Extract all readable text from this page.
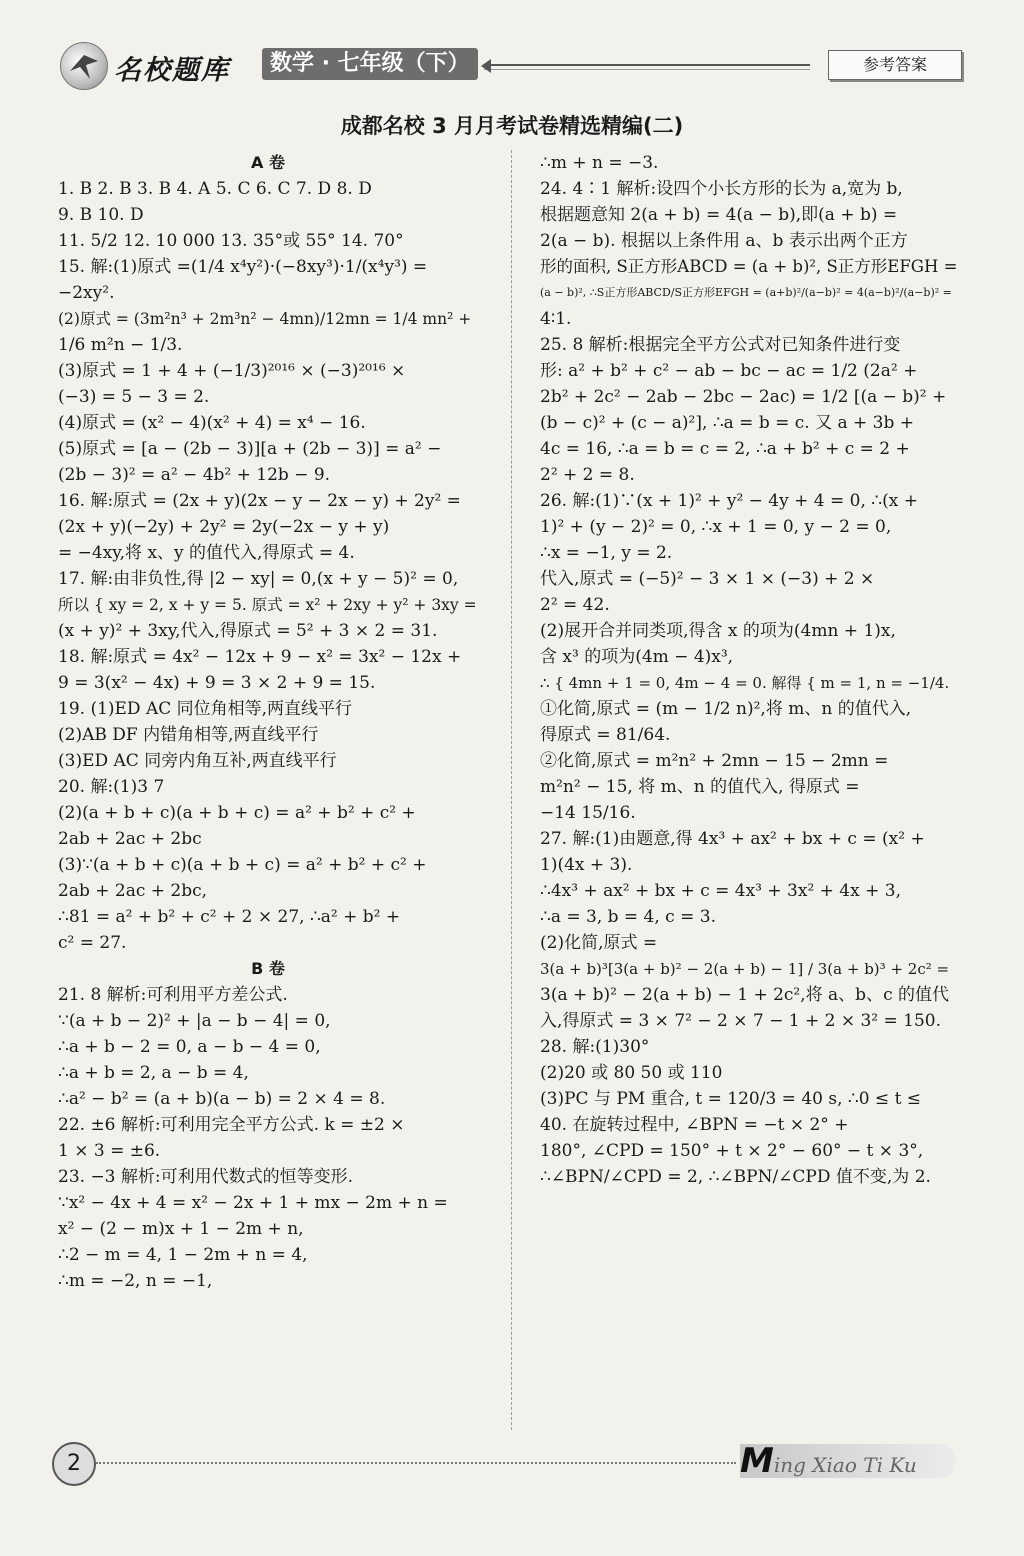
名校题库	数学 · 七年级（下）	参考答案
成都名校 3 月月考试卷精选精编(二)
A 卷
1. B 2. B 3. B 4. A 5. C 6. C 7. D 8. D
9. B 10. D
11. 5/2 12. 10 000 13. 35°或 55° 14. 70°
15. 解:(1)原式 =(1/4 x⁴y²)·(−8xy³)·1/(x⁴y³) =
−2xy².
(2)原式 = (3m²n³ + 2m³n² − 4mn)/12mn = 1/4 mn² +
1/6 m²n − 1/3.
(3)原式 = 1 + 4 + (−1/3)²⁰¹⁶ × (−3)²⁰¹⁶ ×
(−3) = 5 − 3 = 2.
(4)原式 = (x² − 4)(x² + 4) = x⁴ − 16.
(5)原式 = [a − (2b − 3)][a + (2b − 3)] = a² −
(2b − 3)² = a² − 4b² + 12b − 9.
16. 解:原式 = (2x + y)(2x − y − 2x − y) + 2y² =
(2x + y)(−2y) + 2y² = 2y(−2x − y + y)
= −4xy,将 x、y 的值代入,得原式 = 4.
17. 解:由非负性,得 |2 − xy| = 0,(x + y − 5)² = 0,
所以 { xy = 2, x + y = 5. 原式 = x² + 2xy + y² + 3xy =
(x + y)² + 3xy,代入,得原式 = 5² + 3 × 2 = 31.
18. 解:原式 = 4x² − 12x + 9 − x² = 3x² − 12x +
9 = 3(x² − 4x) + 9 = 3 × 2 + 9 = 15.
19. (1)ED AC 同位角相等,两直线平行
(2)AB DF 内错角相等,两直线平行
(3)ED AC 同旁内角互补,两直线平行
20. 解:(1)3 7
(2)(a + b + c)(a + b + c) = a² + b² + c² +
2ab + 2ac + 2bc
(3)∵(a + b + c)(a + b + c) = a² + b² + c² +
2ab + 2ac + 2bc,
∴81 = a² + b² + c² + 2 × 27, ∴a² + b² +
c² = 27.
B 卷
21. 8 解析:可利用平方差公式.
∵(a + b − 2)² + |a − b − 4| = 0,
∴a + b − 2 = 0, a − b − 4 = 0,
∴a + b = 2, a − b = 4,
∴a² − b² = (a + b)(a − b) = 2 × 4 = 8.
22. ±6 解析:可利用完全平方公式. k = ±2 ×
1 × 3 = ±6.
23. −3 解析:可利用代数式的恒等变形.
∵x² − 4x + 4 = x² − 2x + 1 + mx − 2m + n =
x² − (2 − m)x + 1 − 2m + n,
∴2 − m = 4, 1 − 2m + n = 4,
∴m = −2, n = −1,
∴m + n = −3.
24. 4∶1 解析:设四个小长方形的长为 a,宽为 b,
根据题意知 2(a + b) = 4(a − b),即(a + b) =
2(a − b). 根据以上条件用 a、b 表示出两个正方
形的面积, S正方形ABCD = (a + b)², S正方形EFGH =
(a − b)², ∴S正方形ABCD/S正方形EFGH = (a+b)²/(a−b)² = 4(a−b)²/(a−b)² =
4∶1.
25. 8 解析:根据完全平方公式对已知条件进行变
形: a² + b² + c² − ab − bc − ac = 1/2 (2a² +
2b² + 2c² − 2ab − 2bc − 2ac) = 1/2 [(a − b)² +
(b − c)² + (c − a)²], ∴a = b = c. 又 a + 3b +
4c = 16, ∴a = b = c = 2, ∴a + b² + c = 2 +
2² + 2 = 8.
26. 解:(1)∵(x + 1)² + y² − 4y + 4 = 0, ∴(x +
1)² + (y − 2)² = 0, ∴x + 1 = 0, y − 2 = 0,
∴x = −1, y = 2.
代入,原式 = (−5)² − 3 × 1 × (−3) + 2 ×
2² = 42.
(2)展开合并同类项,得含 x 的项为(4mn + 1)x,
含 x³ 的项为(4m − 4)x³,
∴ { 4mn + 1 = 0, 4m − 4 = 0. 解得 { m = 1, n = −1/4.
①化简,原式 = (m − 1/2 n)²,将 m、n 的值代入,
得原式 = 81/64.
②化简,原式 = m²n² + 2mn − 15 − 2mn =
m²n² − 15, 将 m、n 的值代入, 得原式 =
−14 15/16.
27. 解:(1)由题意,得 4x³ + ax² + bx + c = (x² +
1)(4x + 3).
∴4x³ + ax² + bx + c = 4x³ + 3x² + 4x + 3,
∴a = 3, b = 4, c = 3.
(2)化简,原式 =
3(a + b)³[3(a + b)² − 2(a + b) − 1] / 3(a + b)³ + 2c² =
3(a + b)² − 2(a + b) − 1 + 2c²,将 a、b、c 的值代
入,得原式 = 3 × 7² − 2 × 7 − 1 + 2 × 3² = 150.
28. 解:(1)30°
(2)20 或 80 50 或 110
(3)PC 与 PM 重合, t = 120/3 = 40 s, ∴0 ≤ t ≤
40. 在旋转过程中, ∠BPN = −t × 2° +
180°, ∠CPD = 150° + t × 2° − 60° − t × 3°,
∴∠BPN/∠CPD = 2, ∴∠BPN/∠CPD 值不变,为 2.
2	Ming Xiao Ti Ku
